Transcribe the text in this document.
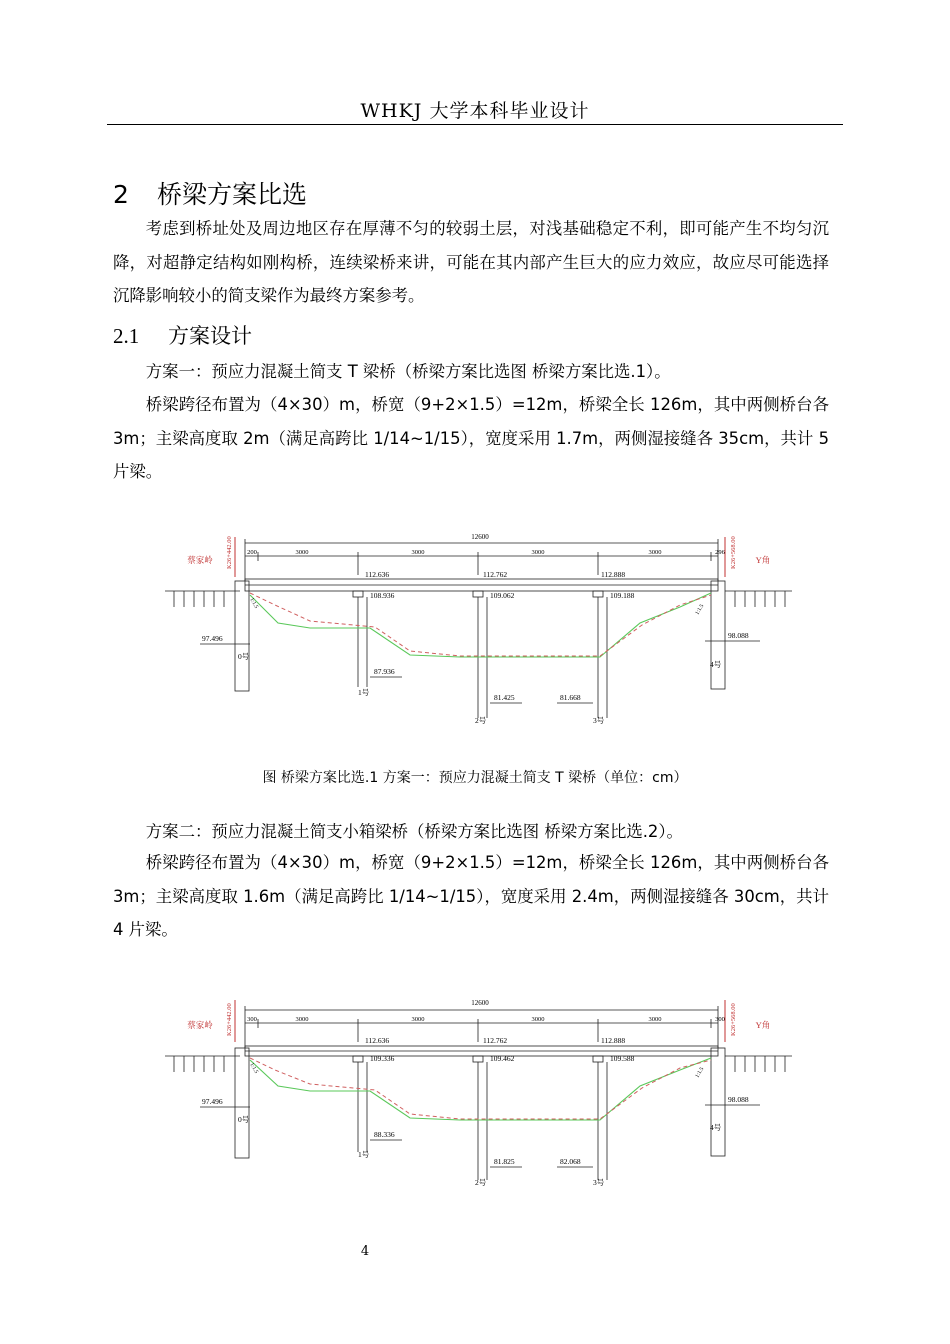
WHKJ 大学本科毕业设计
2 桥梁方案比选
考虑到桥址处及周边地区存在厚薄不匀的较弱土层，对浅基础稳定不利，即可能产生不均匀沉降，对超静定结构如刚构桥，连续梁桥来讲，可能在其内部产生巨大的应力效应，故应尽可能选择沉降影响较小的简支梁作为最终方案参考。
2.1 方案设计
方案一：预应力混凝土简支 T 梁桥（桥梁方案比选图 桥梁方案比选.1）。
桥梁跨径布置为（4×30）m，桥宽（9+2×1.5）=12m，桥梁全长 126m，其中两侧桥台各 3m；主梁高度取 2m（满足高跨比 1/14~1/15），宽度采用 1.7m，两侧湿接缝各 35cm，共计 5 片梁。
12600
200	3000	3000	3000	3000	296
蔡家岭	Y角
K26+442.00	K26+568.00
112.636	112.762	112.888
108.936	109.062	109.188
87.936
81.425	81.668
97.496	98.088
0号
1号
2号	3号
4号
1:1.5
1:1.5
图 桥梁方案比选.1 方案一：预应力混凝土简支 T 梁桥（单位：cm）
方案二：预应力混凝土简支小箱梁桥（桥梁方案比选图 桥梁方案比选.2）。
桥梁跨径布置为（4×30）m，桥宽（9+2×1.5）=12m，桥梁全长 126m，其中两侧桥台各 3m；主梁高度取 1.6m（满足高跨比 1/14~1/15），宽度采用 2.4m，两侧湿接缝各 30cm，共计 4 片梁。
12600
300	3000	3000	3000	3000	300
蔡家岭	Y角
K26+442.00	K26+568.00
112.636	112.762	112.888
109.336	109.462	109.588
88.336
81.825	82.068
97.496	98.088
0号
1号
2号	3号
4号
1:1.5	1:1.5
4
